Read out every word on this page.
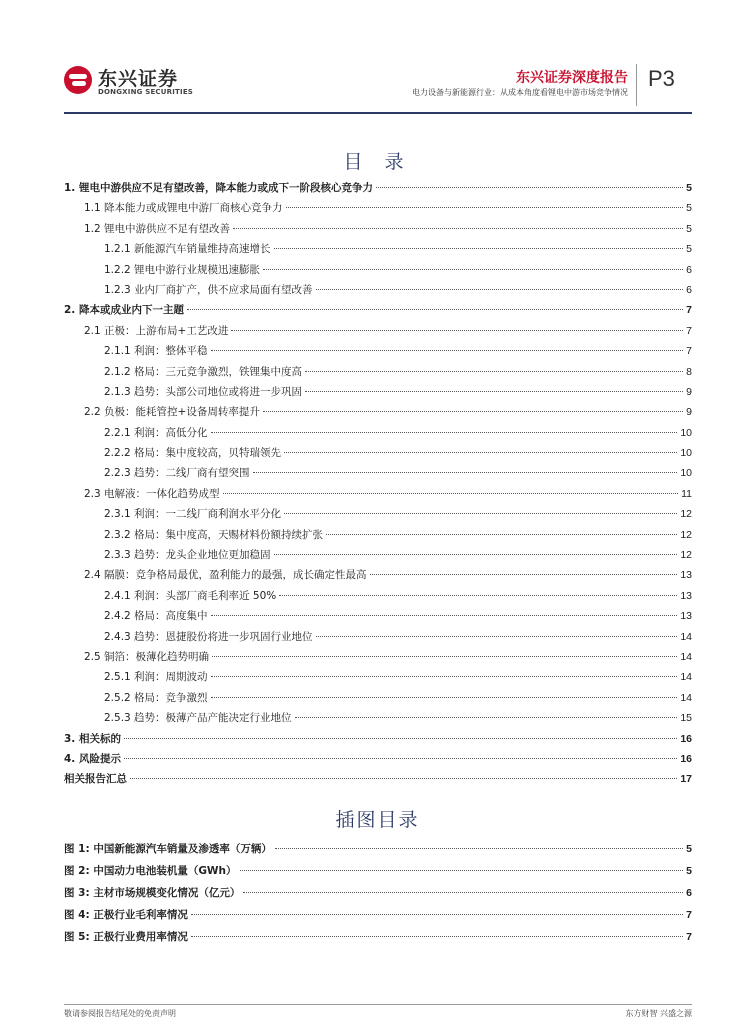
东兴证券
DONGXING SECURITIES
东兴证券深度报告
电力设备与新能源行业：从成本角度看锂电中游市场竞争情况
P3
目 录
1. 锂电中游供应不足有望改善，降本能力或成下一阶段核心竞争力	5
1.1 降本能力或成锂电中游厂商核心竞争力	5
1.2 锂电中游供应不足有望改善	5
1.2.1 新能源汽车销量维持高速增长	5
1.2.2 锂电中游行业规模迅速膨胀	6
1.2.3 业内厂商扩产，供不应求局面有望改善	6
2. 降本或成业内下一主题	7
2.1 正极：上游布局+工艺改进	7
2.1.1 利润：整体平稳	7
2.1.2 格局：三元竞争激烈，铁锂集中度高	8
2.1.3 趋势：头部公司地位或将进一步巩固	9
2.2 负极：能耗管控+设备周转率提升	9
2.2.1 利润：高低分化	10
2.2.2 格局：集中度较高，贝特瑞领先	10
2.2.3 趋势：二线厂商有望突围	10
2.3 电解液：一体化趋势成型	11
2.3.1 利润：一二线厂商利润水平分化	12
2.3.2 格局：集中度高，天赐材料份额持续扩张	12
2.3.3 趋势：龙头企业地位更加稳固	12
2.4 隔膜：竞争格局最优，盈利能力的最强，成长确定性最高	13
2.4.1 利润：头部厂商毛利率近 50%	13
2.4.2 格局：高度集中	13
2.4.3 趋势：恩捷股份将进一步巩固行业地位	14
2.5 铜箔：极薄化趋势明确	14
2.5.1 利润：周期波动	14
2.5.2 格局：竞争激烈	14
2.5.3 趋势：极薄产品产能决定行业地位	15
3. 相关标的	16
4. 风险提示	16
相关报告汇总	17
插图目录
图 1: 中国新能源汽车销量及渗透率（万辆）	5
图 2: 中国动力电池装机量（GWh）	5
图 3: 主材市场规模变化情况（亿元）	6
图 4: 正极行业毛利率情况	7
图 5: 正极行业费用率情况	7
敬请参阅报告结尾处的免责声明	东方财智 兴盛之源
